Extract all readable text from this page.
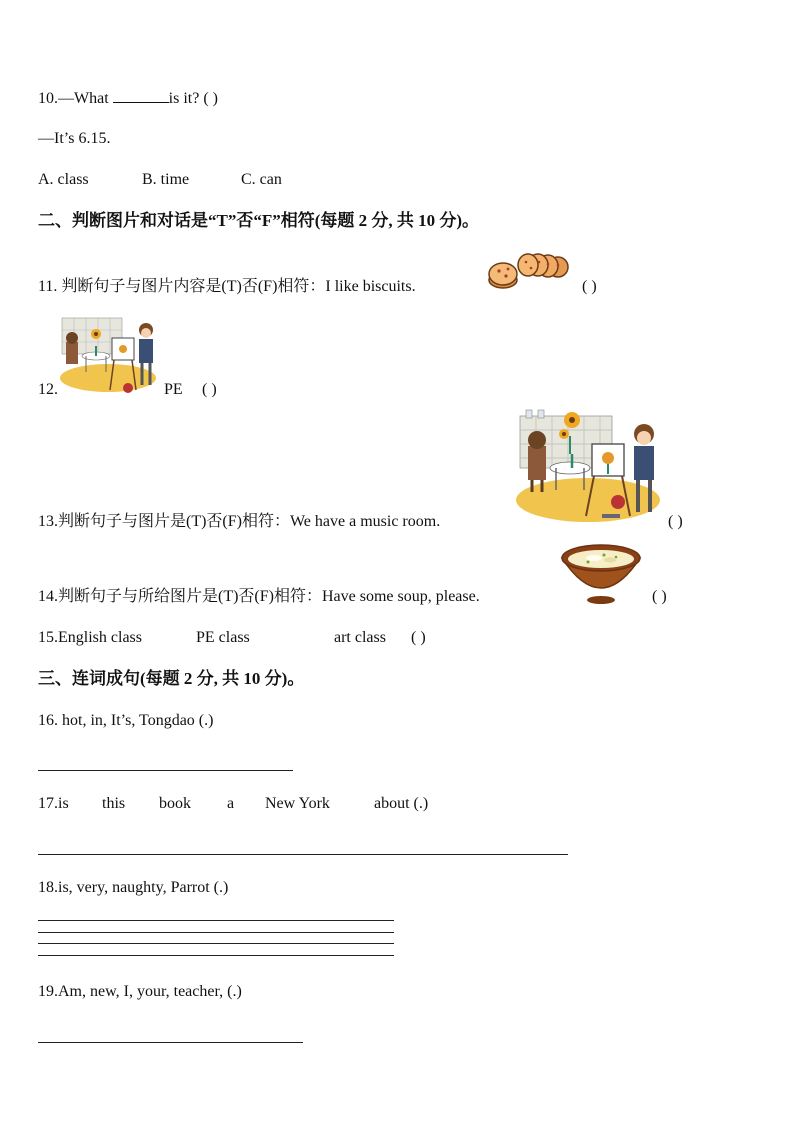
10.—What	is it? ( )
—It’s 6.15.
A. class	B. time	C. can
二、判断图片和对话是“T”否“F”相符(每题 2 分, 共 10 分)。
11. 判断句子与图片内容是(T)否(F)相符：I like biscuits.	( )
12.	PE ( )
13.判断句子与图片是(T)否(F)相符：We have a music room.	( )
14.判断句子与所给图片是(T)否(F)相符：Have some soup, please.	( )
15.English class	PE class	art class ( )
三、连词成句(每题 2 分, 共 10 分)。
16. hot, in, It’s, Tongdao (.)
17.is this book a New York	about (.)
18.is, very, naughty, Parrot (.)
19.Am, new, I, your, teacher, (.)
